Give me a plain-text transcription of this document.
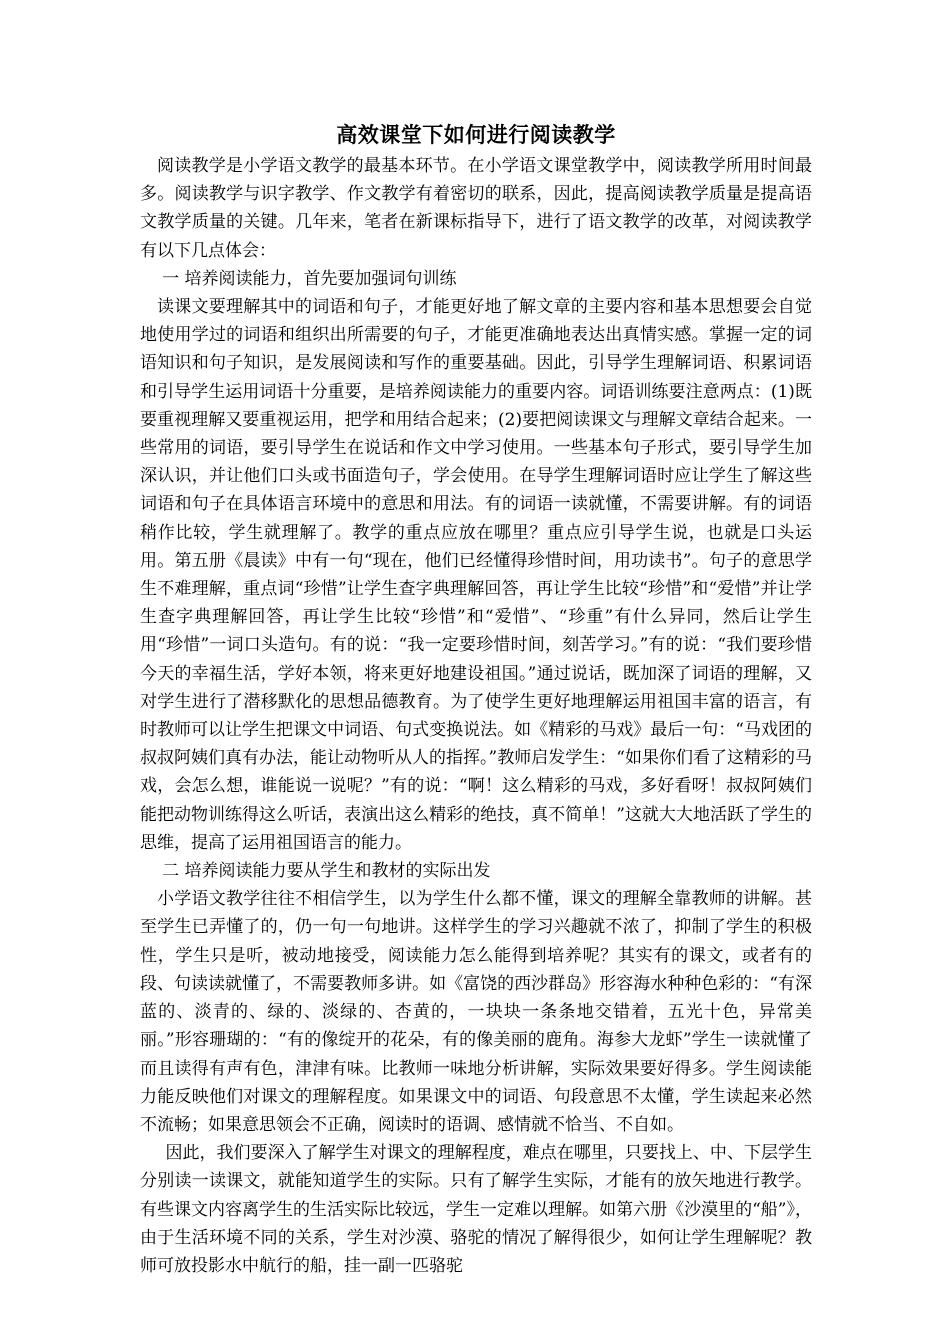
高效课堂下如何进行阅读教学

阅读教学是小学语文教学的最基本环节。在小学语文课堂教学中，阅读教学所用时间最多。阅读教学与识字教学、作文教学有着密切的联系，因此，提高阅读教学质量是提高语文教学质量的关键。几年来，笔者在新课标指导下，进行了语文教学的改革，对阅读教学有以下几点体会：

一 培养阅读能力，首先要加强词句训练

读课文要理解其中的词语和句子，才能更好地了解文章的主要内容和基本思想要会自觉地使用学过的词语和组织出所需要的句子，才能更准确地表达出真情实感。掌握一定的词语知识和句子知识，是发展阅读和写作的重要基础。因此，引导学生理解词语、积累词语和引导学生运用词语十分重要，是培养阅读能力的重要内容。词语训练要注意两点：(1)既要重视理解又要重视运用，把学和用结合起来；(2)要把阅读课文与理解文章结合起来。一些常用的词语，要引导学生在说话和作文中学习使用。一些基本句子形式，要引导学生加深认识，并让他们口头或书面造句子，学会使用。在导学生理解词语时应让学生了解这些词语和句子在具体语言环境中的意思和用法。有的词语一读就懂，不需要讲解。有的词语稍作比较，学生就理解了。教学的重点应放在哪里？重点应引导学生说，也就是口头运用。第五册《晨读》中有一句“现在，他们已经懂得珍惜时间，用功读书”。句子的意思学生不难理解，重点词“珍惜”让学生查字典理解回答，再让学生比较“珍惜”和“爱惜”并让学生查字典理解回答，再让学生比较“珍惜”和“爱惜”、“珍重”有什么异同，然后让学生用“珍惜”一词口头造句。有的说：“我一定要珍惜时间，刻苦学习。”有的说：“我们要珍惜今天的幸福生活，学好本领，将来更好地建设祖国。”通过说话，既加深了词语的理解，又对学生进行了潜移默化的思想品德教育。为了使学生更好地理解运用祖国丰富的语言，有时教师可以让学生把课文中词语、句式变换说法。如《精彩的马戏》最后一句：“马戏团的叔叔阿姨们真有办法，能让动物听从人的指挥。”教师启发学生：“如果你们看了这精彩的马戏，会怎么想，谁能说一说呢？”有的说：“啊！这么精彩的马戏，多好看呀！叔叔阿姨们能把动物训练得这么听话，表演出这么精彩的绝技，真不简单！”这就大大地活跃了学生的思维，提高了运用祖国语言的能力。

二 培养阅读能力要从学生和教材的实际出发

小学语文教学往往不相信学生，以为学生什么都不懂，课文的理解全靠教师的讲解。甚至学生已弄懂了的，仍一句一句地讲。这样学生的学习兴趣就不浓了，抑制了学生的积极性，学生只是听，被动地接受，阅读能力怎么能得到培养呢？其实有的课文，或者有的段、句读读就懂了，不需要教师多讲。如《富饶的西沙群岛》形容海水种种色彩的：“有深蓝的、淡青的、绿的、淡绿的、杏黄的，一块块一条条地交错着，五光十色，异常美丽。”形容珊瑚的：“有的像绽开的花朵，有的像美丽的鹿角。海参大龙虾”学生一读就懂了而且读得有声有色，津津有味。比教师一味地分析讲解，实际效果要好得多。学生阅读能力能反映他们对课文的理解程度。如果课文中的词语、句段意思不太懂，学生读起来必然不流畅；如果意思领会不正确，阅读时的语调、感情就不恰当、不自如。

因此，我们要深入了解学生对课文的理解程度，难点在哪里，只要找上、中、下层学生分别读一读课文，就能知道学生的实际。只有了解学生实际，才能有的放矢地进行教学。有些课文内容离学生的生活实际比较远，学生一定难以理解。如第六册《沙漠里的“船”》，由于生活环境不同的关系，学生对沙漠、骆驼的情况了解得很少，如何让学生理解呢？教师可放投影水中航行的船，挂一副一匹骆驼
